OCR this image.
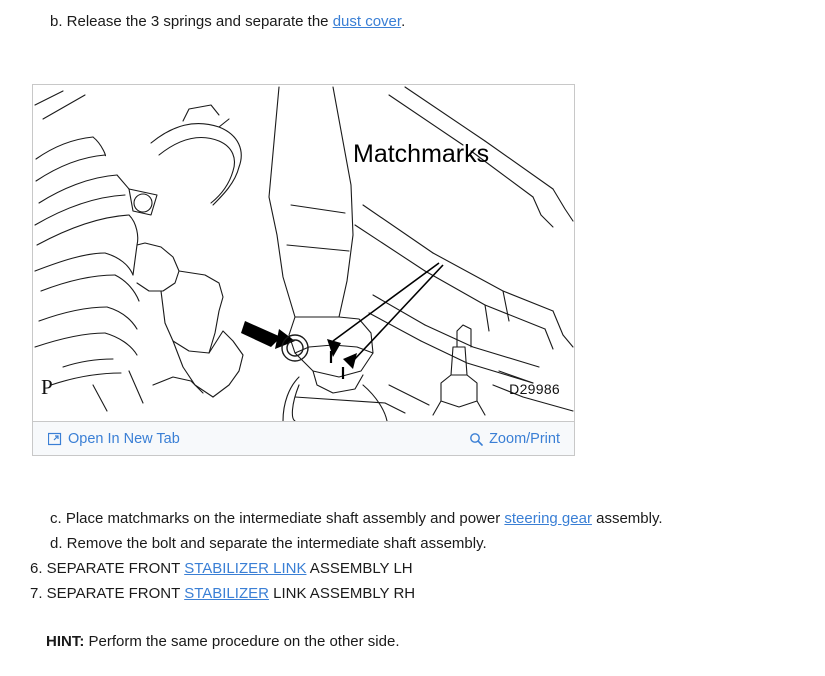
b. Release the 3 springs and separate the dust cover.
Matchmarks
P	D29986
Open In New Tab	Zoom/Print
c. Place matchmarks on the intermediate shaft assembly and power steering gear assembly.
d. Remove the bolt and separate the intermediate shaft assembly.
6. SEPARATE FRONT STABILIZER LINK ASSEMBLY LH
7. SEPARATE FRONT STABILIZER LINK ASSEMBLY RH
HINT: Perform the same procedure on the other side.
